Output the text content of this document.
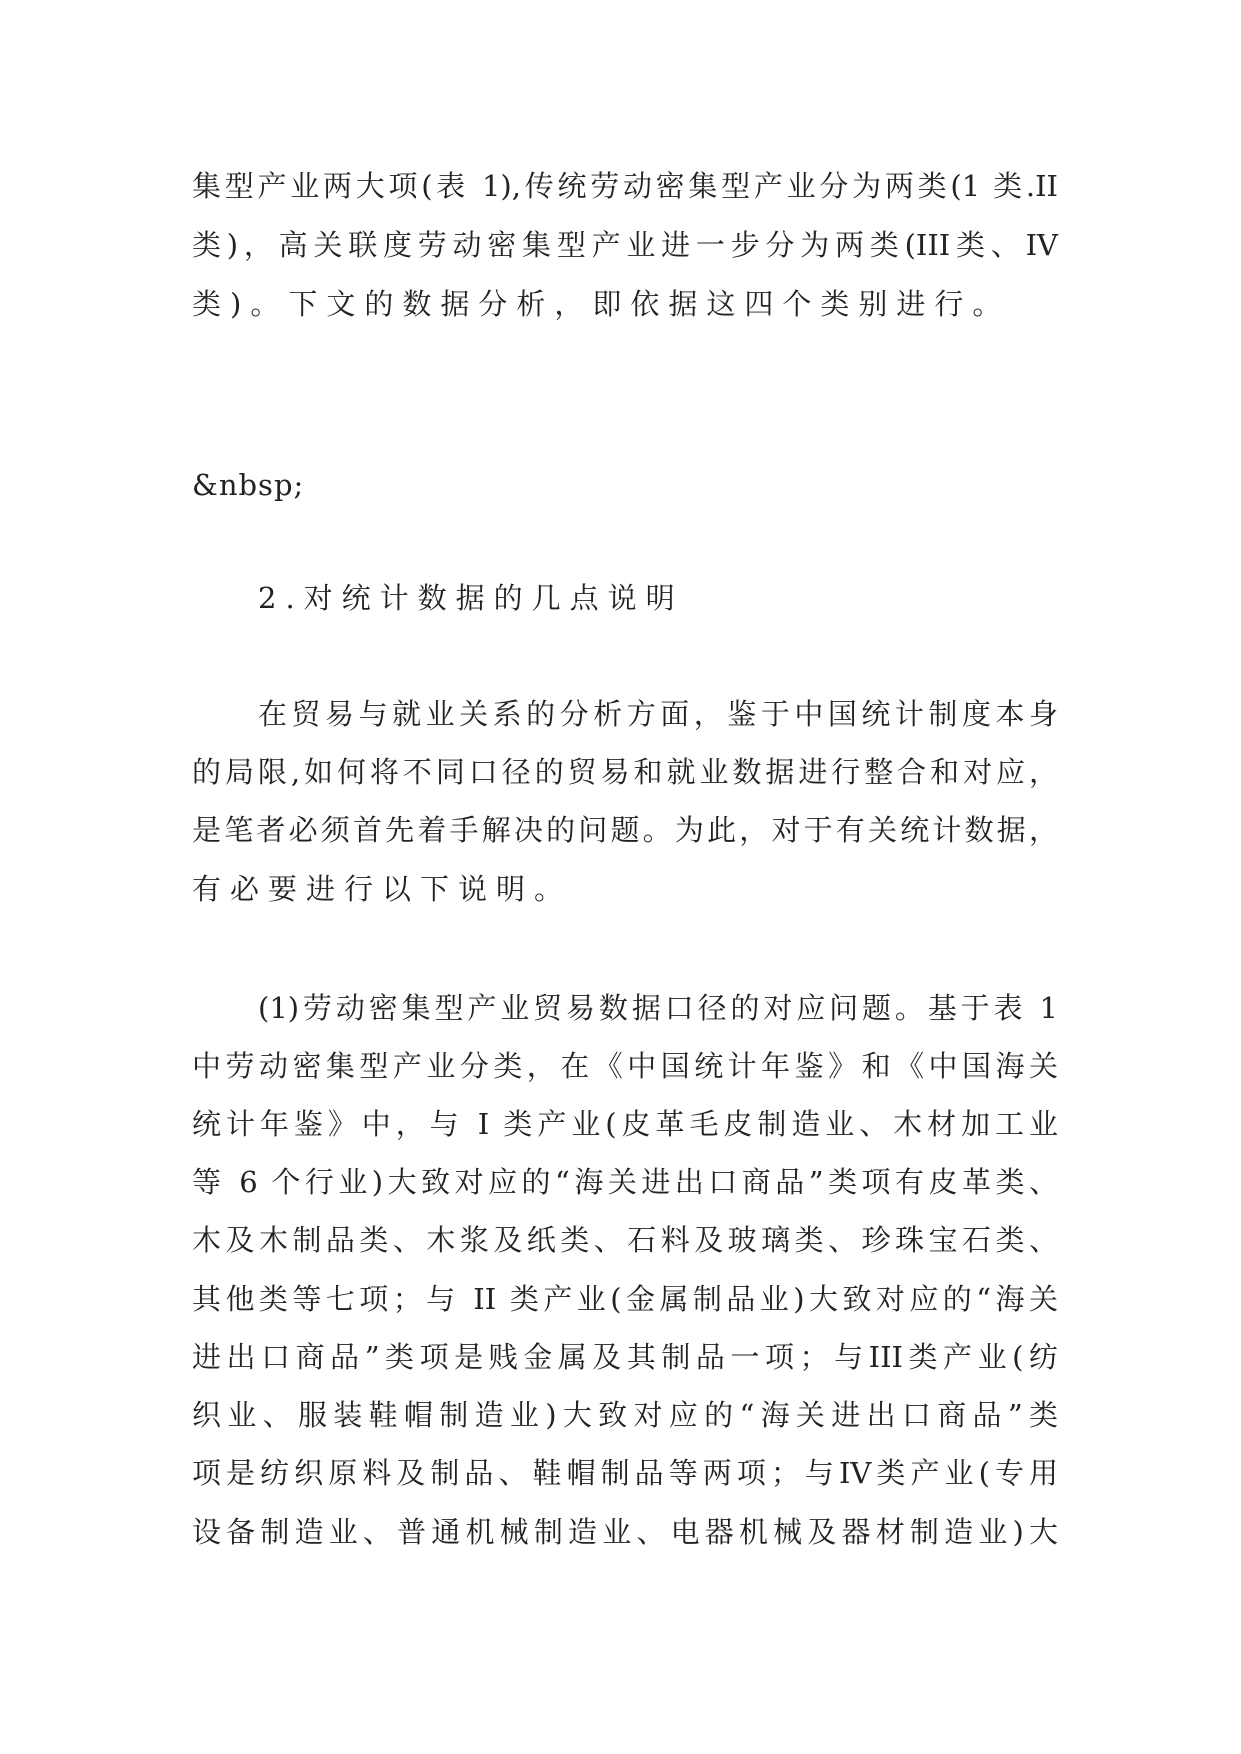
集型产业两大项(表 1),传统劳动密集型产业分为两类(1 类.II
类)，高关联度劳动密集型产业进一步分为两类(III类、IV
类)。下文的数据分析，即依据这四个类别进行。
&nbsp;
2.对统计数据的几点说明
在贸易与就业关系的分析方面，鉴于中国统计制度本身
的局限,如何将不同口径的贸易和就业数据进行整合和对应，
是笔者必须首先着手解决的问题。为此，对于有关统计数据，
有必要进行以下说明。
(1)劳动密集型产业贸易数据口径的对应问题。基于表 1
中劳动密集型产业分类，在《中国统计年鉴》和《中国海关
统计年鉴》中，与 I 类产业(皮革毛皮制造业、木材加工业
等 6 个行业)大致对应的“海关进出口商品”类项有皮革类、
木及木制品类、木浆及纸类、石料及玻璃类、珍珠宝石类、
其他类等七项；与 II 类产业(金属制品业)大致对应的“海关
进出口商品”类项是贱金属及其制品一项；与III类产业(纺
织业、服装鞋帽制造业)大致对应的“海关进出口商品”类
项是纺织原料及制品、鞋帽制品等两项；与IV类产业(专用
设备制造业、普通机械制造业、电器机械及器材制造业)大
